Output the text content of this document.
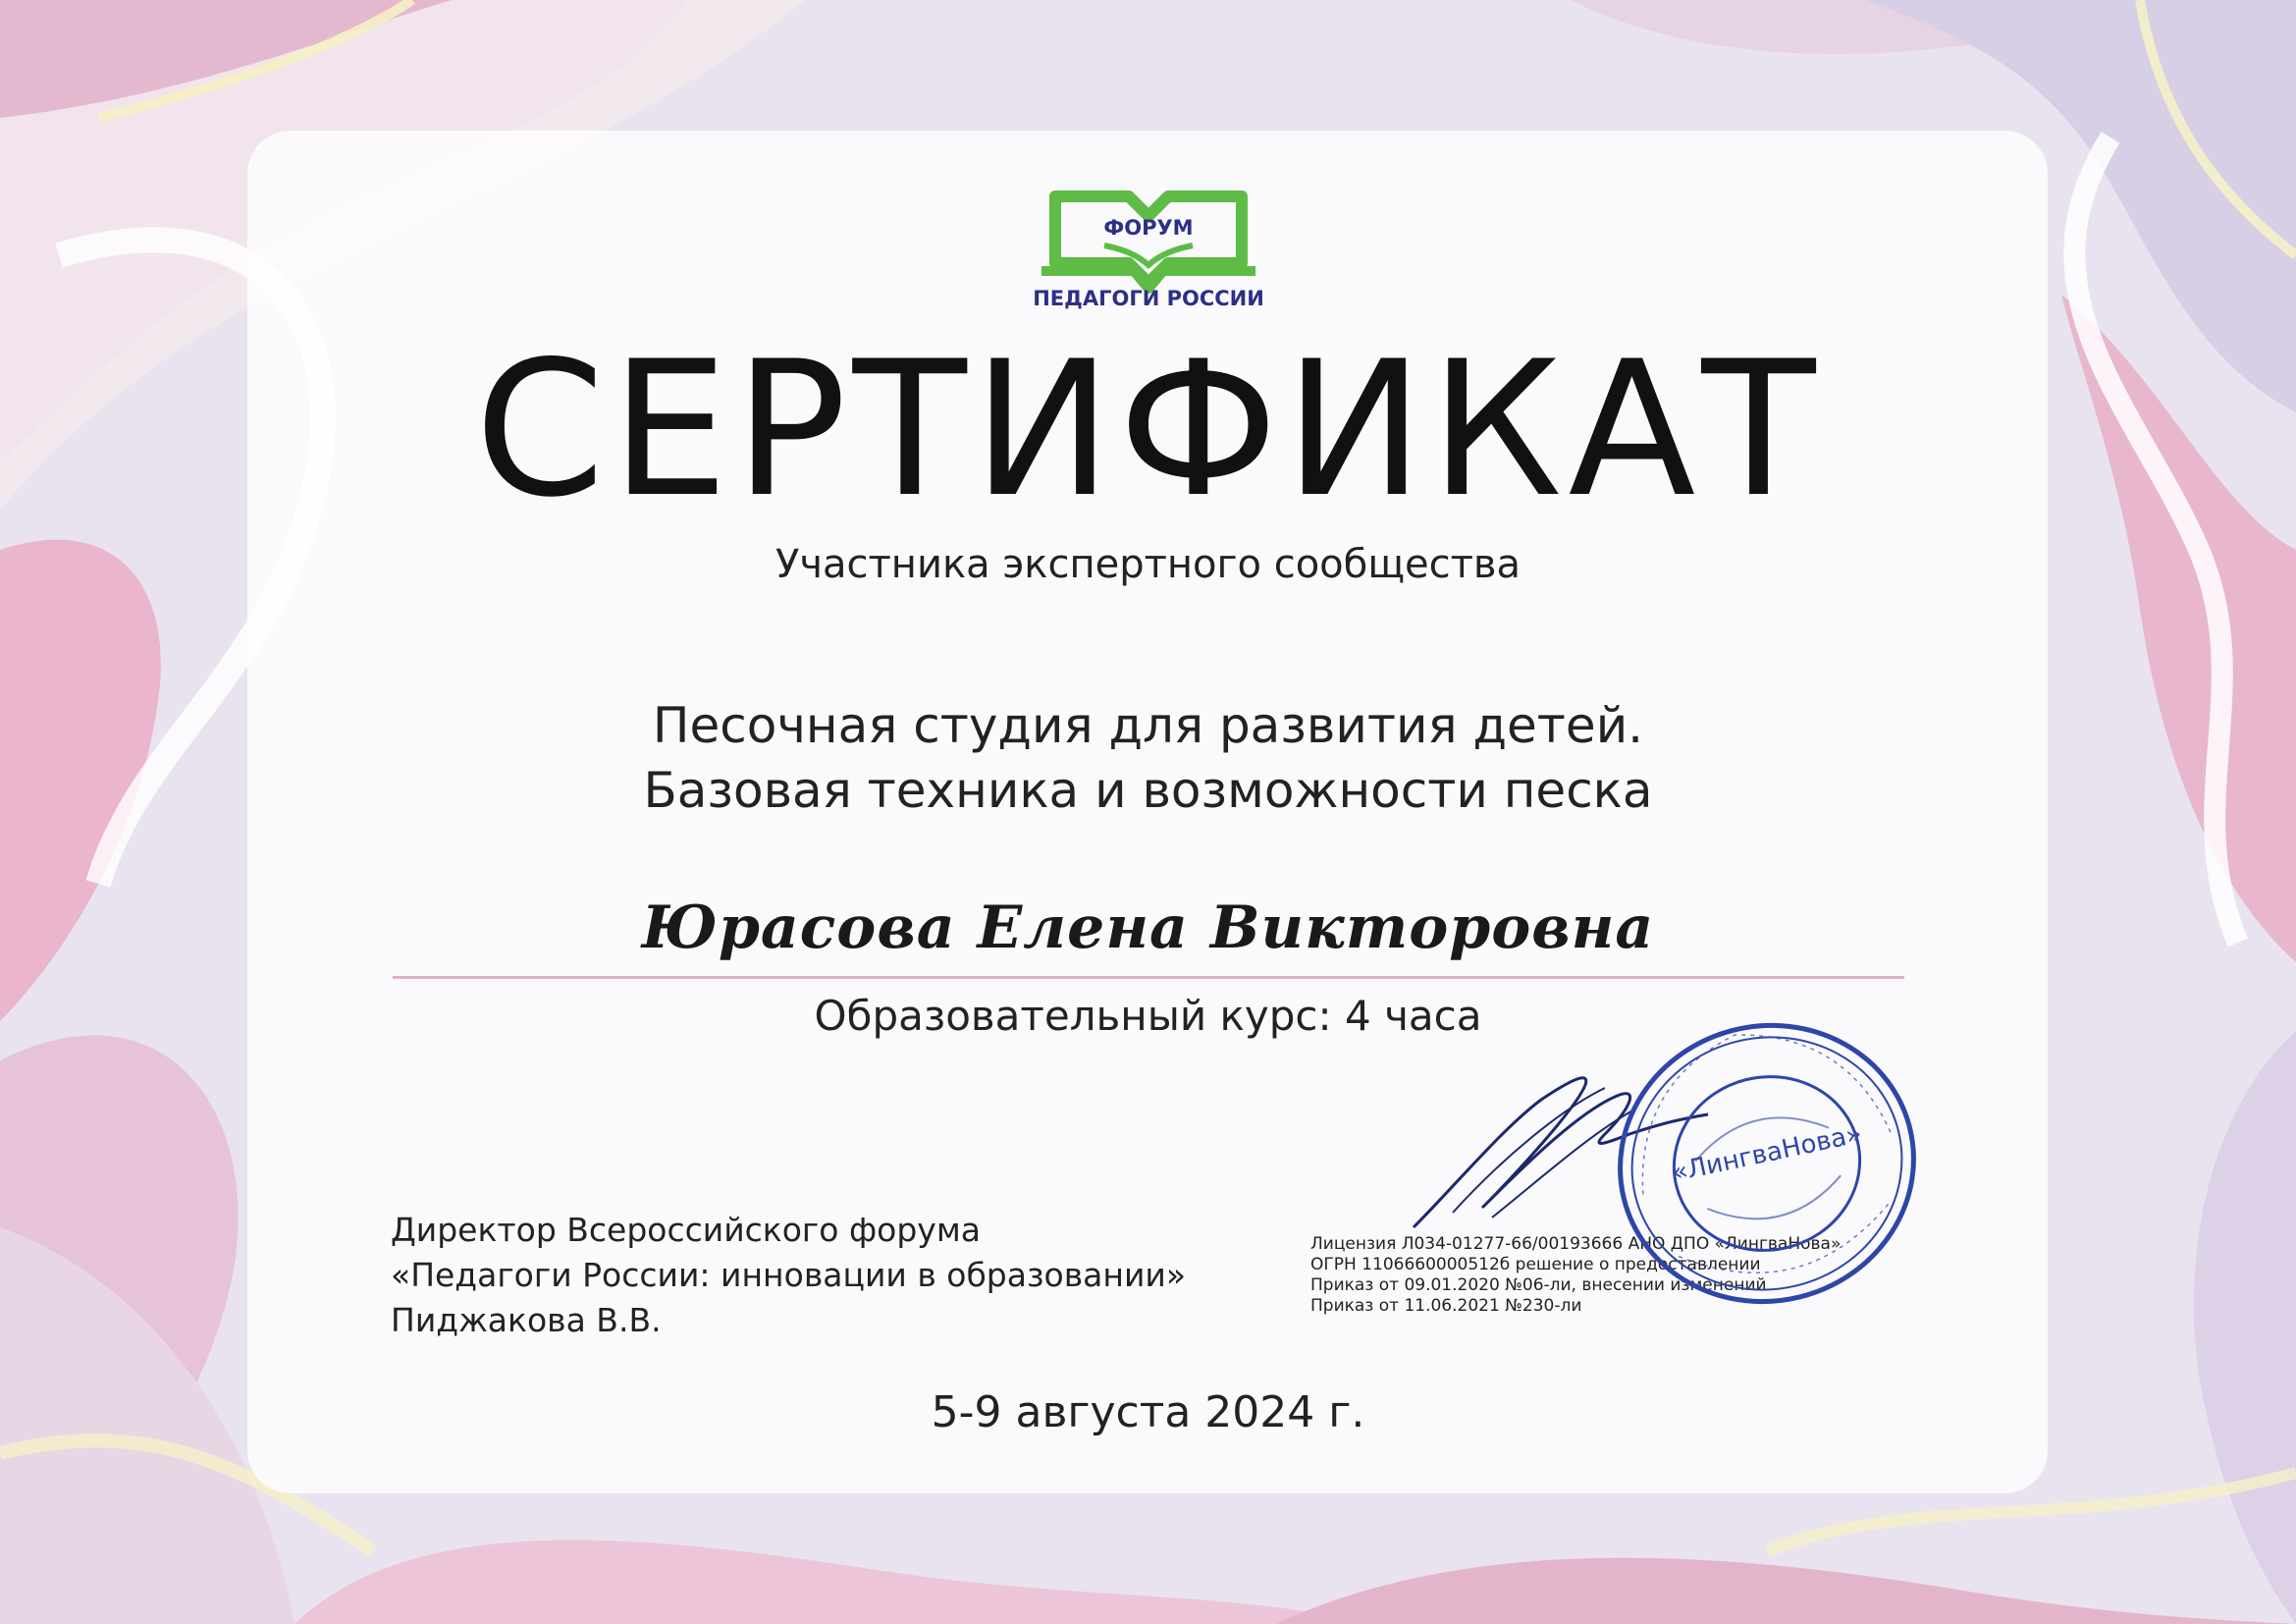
ФОРУМ
ПЕДАГОГИ РОССИИ
СЕРТИФИКАТ
Участника экспертного сообщества
Песочная студия для развития детей.
Базовая техника и возможности песка
Юрасова Елена Викторовна
Образовательный курс: 4 часа
Директор Всероссийского форума
«Педагоги России: инновации в образовании»
Пиджакова В.В.
Лицензия Л034-01277-66/00193666 АНО ДПО «ЛингваНова»
ОГРН 1106660000512б решение о предоставлении
Приказ от 09.01.2020 №06-ли, внесении изменений
Приказ от 11.06.2021 №230-ли
«ЛингваНова»
5-9 августа 2024 г.
